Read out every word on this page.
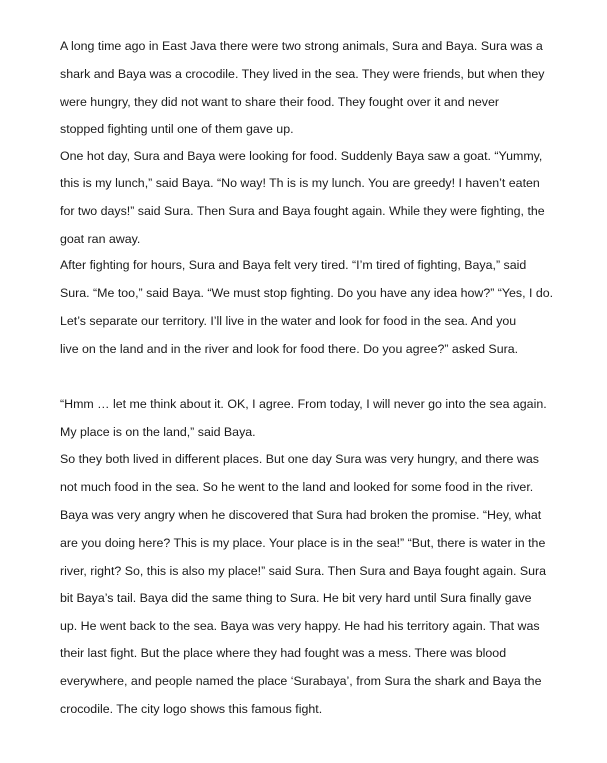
A long time ago in East Java there were two strong animals, Sura and Baya. Sura was a

shark and Baya was a crocodile. They lived in the sea. They were friends, but when they

were hungry, they did not want to share their food. They fought over it and never

stopped fighting until one of them gave up.

One hot day, Sura and Baya were looking for food. Suddenly Baya saw a goat. “Yummy,

this is my lunch,” said Baya. “No way! Th is is my lunch. You are greedy! I haven’t eaten

for two days!” said Sura. Then Sura and Baya fought again. While they were fighting, the

goat ran away.

After fighting for hours, Sura and Baya felt very tired. “I’m tired of fighting, Baya,” said

Sura. “Me too,” said Baya. “We must stop fighting. Do you have any idea how?” “Yes, I do.

Let’s separate our territory. I’ll live in the water and look for food in the sea. And you

live on the land and in the river and look for food there. Do you agree?” asked Sura.

“Hmm … let me think about it. OK, I agree. From today, I will never go into the sea again.

My place is on the land,” said Baya.

So they both lived in different places. But one day Sura was very hungry, and there was

not much food in the sea. So he went to the land and looked for some food in the river.

Baya was very angry when he discovered that Sura had broken the promise. “Hey, what

are you doing here? This is my place. Your place is in the sea!” “But, there is water in the

river, right? So, this is also my place!” said Sura. Then Sura and Baya fought again. Sura

bit Baya’s tail. Baya did the same thing to Sura. He bit very hard until Sura finally gave

up. He went back to the sea. Baya was very happy. He had his territory again. That was

their last fight. But the place where they had fought was a mess. There was blood

everywhere, and people named the place ‘Surabaya’, from Sura the shark and Baya the

crocodile. The city logo shows this famous fight.
